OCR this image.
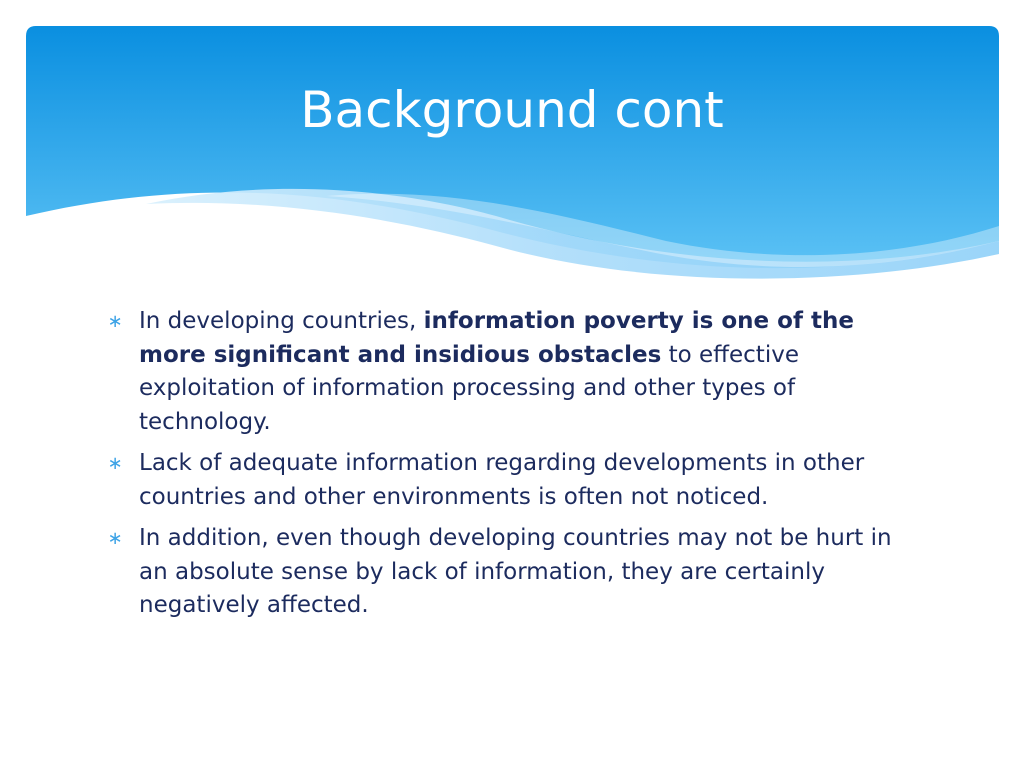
Background cont
∗ In developing countries, information poverty is one of the more significant and insidious obstacles to effective exploitation of information processing and other types of technology.
∗ Lack of adequate information regarding developments in other countries and other environments is often not noticed.
∗ In addition, even though developing countries may not be hurt in an absolute sense by lack of information, they are certainly negatively affected.
